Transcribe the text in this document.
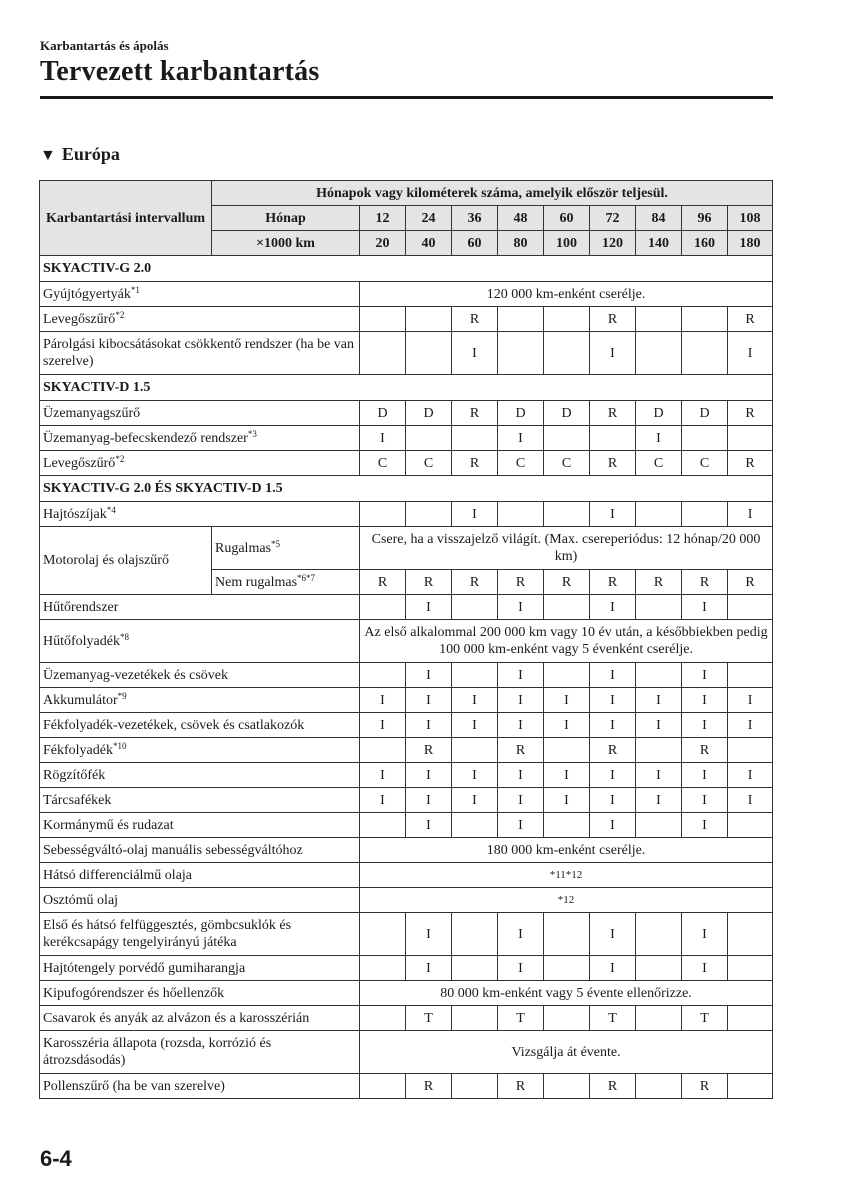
Karbantartás és ápolás
Tervezett karbantartás
▼ Európa
Karbantartási intervallum	Hónapok vagy kilométerek száma, amelyik először teljesül.									
	Hónap	12	24	36	48	60	72	84	96	108
	×1000 km	20	40	60	80	100	120	140	160	180
SKYACTIV-G 2.0										
Gyújtógyertyák$^{*1}$		120 000 km-enként cserélje.								
Levegőszűrő$^{*2}$				R			R			R
Párolgási kibocsátásokat csökkentő rendszer (ha be van szerelve)				I			I			I
SKYACTIV-D 1.5										
Üzemanyagszűrő		D	D	R	D	D	R	D	D	R
Üzemanyag-befecskendező rendszer$^{*3}$		I			I			I		
Levegőszűrő$^{*2}$		C	C	R	C	C	R	C	C	R
SKYACTIV-G 2.0 ÉS SKYACTIV-D 1.5										
Hajtószíjak$^{*4}$				I			I			I
Motorolaj és olajszűrő	Rugalmas$^{*5}$	Csere, ha a visszajelző világít. (Max. csereperiódus: 12 hónap/20 000 km)								
	Nem rugalmas$^{*6*7}$	R	R	R	R	R	R	R	R	R
Hűtőrendszer			I		I		I		I	
Hűtőfolyadék$^{*8}$		Az első alkalommal 200 000 km vagy 10 év után, a későbbiekben pedig 100 000 km-enként vagy 5 évenként cserélje.								
Üzemanyag-vezetékek és csövek			I		I		I		I	
Akkumulátor$^{*9}$		I	I	I	I	I	I	I	I	I
Fékfolyadék-vezetékek, csövek és csatlakozók		I	I	I	I	I	I	I	I	I
Fékfolyadék$^{*10}$			R		R		R		R	
Rögzítőfék		I	I	I	I	I	I	I	I	I
Tárcsafékek		I	I	I	I	I	I	I	I	I
Kormánymű és rudazat			I		I		I		I	
Sebességváltó-olaj manuális sebességváltóhoz		180 000 km-enként cserélje.								
Hátsó differenciálmű olaja		*11*12								
Osztómű olaj		*12								
Első és hátsó felfüggesztés, gömbcsuklók és kerékcsapágy tengelyirányú játéka			I		I		I		I	
Hajtótengely porvédő gumiharangja			I		I		I		I	
Kipufogórendszer és hőellenzők		80 000 km-enként vagy 5 évente ellenőrizze.								
Csavarok és anyák az alvázon és a karosszérián			T		T		T		T	
Karosszéria állapota (rozsda, korrózió és átrozsdásodás)		Vizsgálja át évente.								
Pollenszűrő (ha be van szerelve)			R		R		R		R	
6-4
